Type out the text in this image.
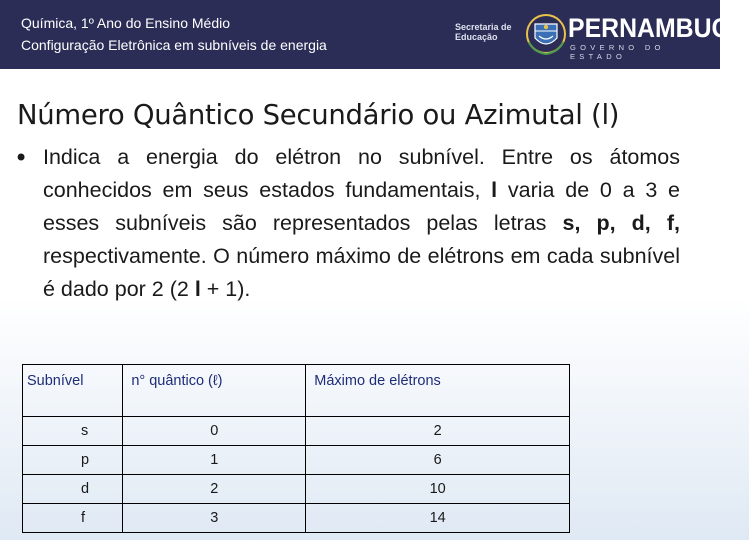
Química, 1º Ano do Ensino Médio
Configuração Eletrônica em subníveis de energia
Secretaria de
Educação	PERNAMBUCO
GOVERNO DO ESTADO
Número Quântico Secundário ou Azimutal (l)
• Indica a energia do elétron no subnível. Entre os átomos conhecidos em seus estados fundamentais, l varia de 0 a 3 e esses subníveis são representados pelas letras s, p, d, f, respectivamente. O número máximo de elétrons em cada subnível é dado por 2 (2 l + 1).
Subnível	n° quântico (ℓ)	Máximo de elétrons
s	0	2
p	1	6
d	2	10
f	3	14
